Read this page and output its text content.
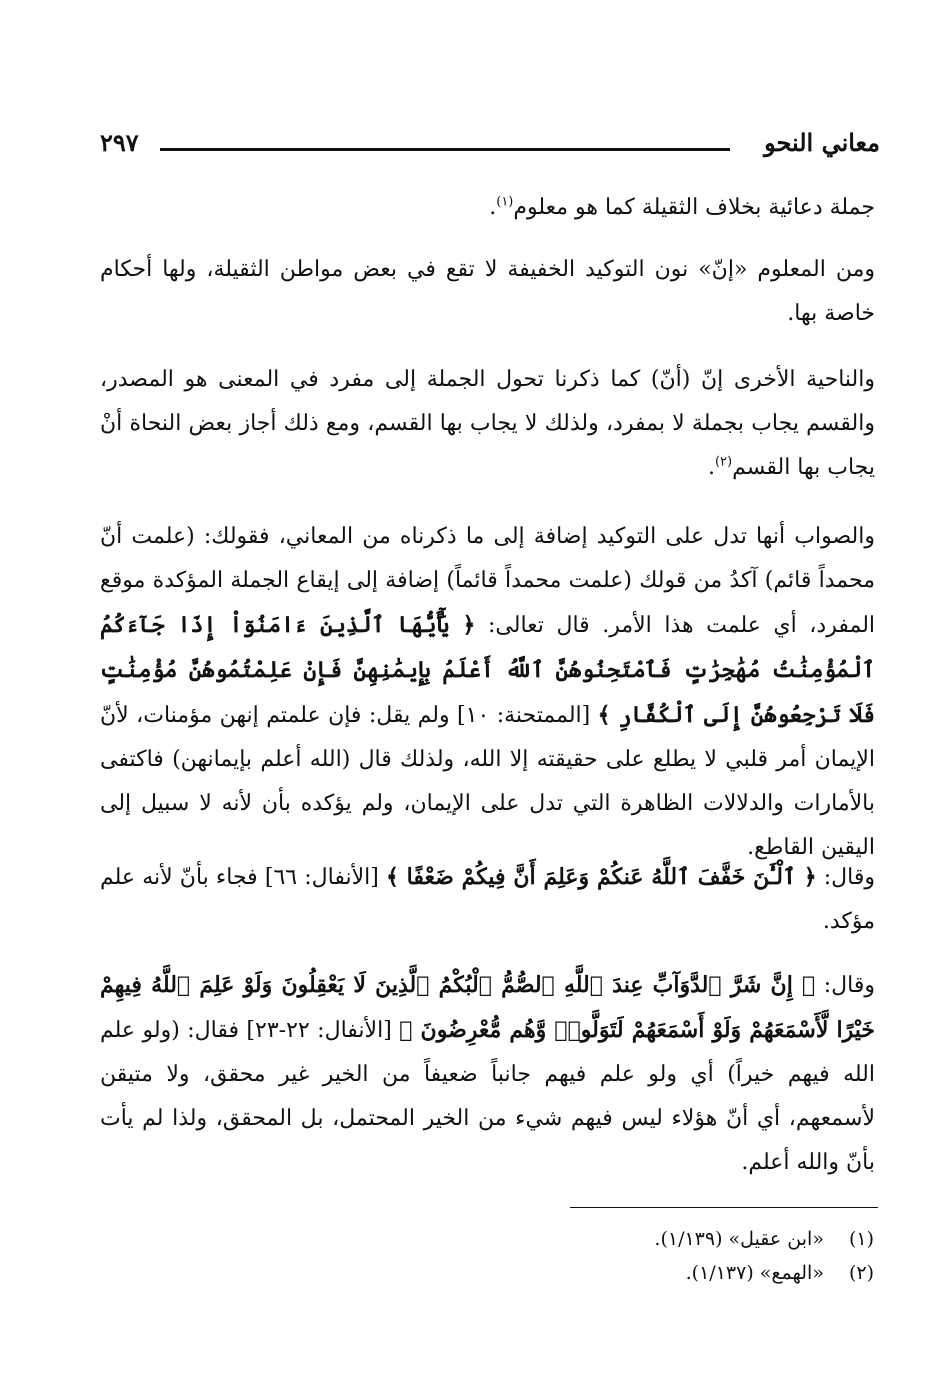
معاني النحو
٢٩٧

جملة دعائية بخلاف الثقيلة كما هو معلوم$^{(١)}$.

ومن المعلوم «إنّ» نون التوكيد الخفيفة لا تقع في بعض مواطن الثقيلة، ولها أحكام خاصة بها.

والناحية الأخرى إنّ (أنّ) كما ذكرنا تحول الجملة إلى مفرد في المعنى هو المصدر، والقسم يجاب بجملة لا بمفرد، ولذلك لا يجاب بها القسم، ومع ذلك أجاز بعض النحاة أنْ يجاب بها القسم$^{(٢)}$.

والصواب أنها تدل على التوكيد إضافة إلى ما ذكرناه من المعاني، فقولك: (علمت أنّ محمداً قائم) آكدُ من قولك (علمت محمداً قائماً) إضافة إلى إيقاع الجملة المؤكدة موقع المفرد، أي علمت هذا الأمر. قال تعالى: ﴿ يَٰٓأَيُّهَا ٱلَّذِينَ ءَامَنُوٓاْ إِذَا جَآءَكُمُ ٱلْمُؤْمِنَٰتُ مُهَٰجِرَٰتٍ فَٱمْتَحِنُوهُنَّ ٱللَّهُ أَعْلَمُ بِإِيمَٰنِهِنَّ فَإِنْ عَلِمْتُمُوهُنَّ مُؤْمِنَٰتٍ فَلَا تَرْجِعُوهُنَّ إِلَى ٱلْكُفَّارِ ﴾ [الممتحنة: ١٠] ولم يقل: فإن علمتم إنهن مؤمنات، لأنّ الإيمان أمر قلبي لا يطلع على حقيقته إلا الله، ولذلك قال (الله أعلم بإيمانهن) فاكتفى بالأمارات والدلالات الظاهرة التي تدل على الإيمان، ولم يؤكده بأن لأنه لا سبيل إلى اليقين القاطع.

وقال: ﴿ ٱلْـَٰٔنَ خَفَّفَ ٱللَّهُ عَنكُمْ وَعَلِمَ أَنَّ فِيكُمْ ضَعْفًا ﴾ [الأنفال: ٦٦] فجاء بأنّ لأنه علم مؤكد.

وقال: ﴿ إِنَّ شَرَّ ٱلدَّوَآبِّ عِندَ ٱللَّهِ ٱلصُّمُّ ٱلْبُكْمُ ٱلَّذِينَ لَا يَعْقِلُونَ وَلَوْ عَلِمَ ٱللَّهُ فِيهِمْ خَيْرًا لَّأَسْمَعَهُمْ وَلَوْ أَسْمَعَهُمْ لَتَوَلَّوا۟ وَّهُم مُّعْرِضُونَ ﴾ [الأنفال: ٢٢-٢٣] فقال: (ولو علم الله فيهم خيراً) أي ولو علم فيهم جانباً ضعيفاً من الخير غير محقق، ولا متيقن لأسمعهم، أي أنّ هؤلاء ليس فيهم شيء من الخير المحتمل، بل المحقق، ولذا لم يأت بأنّ والله أعلم.

(١) «ابن عقيل» (١/١٣٩).
(٢) «الهمع» (١/١٣٧).
